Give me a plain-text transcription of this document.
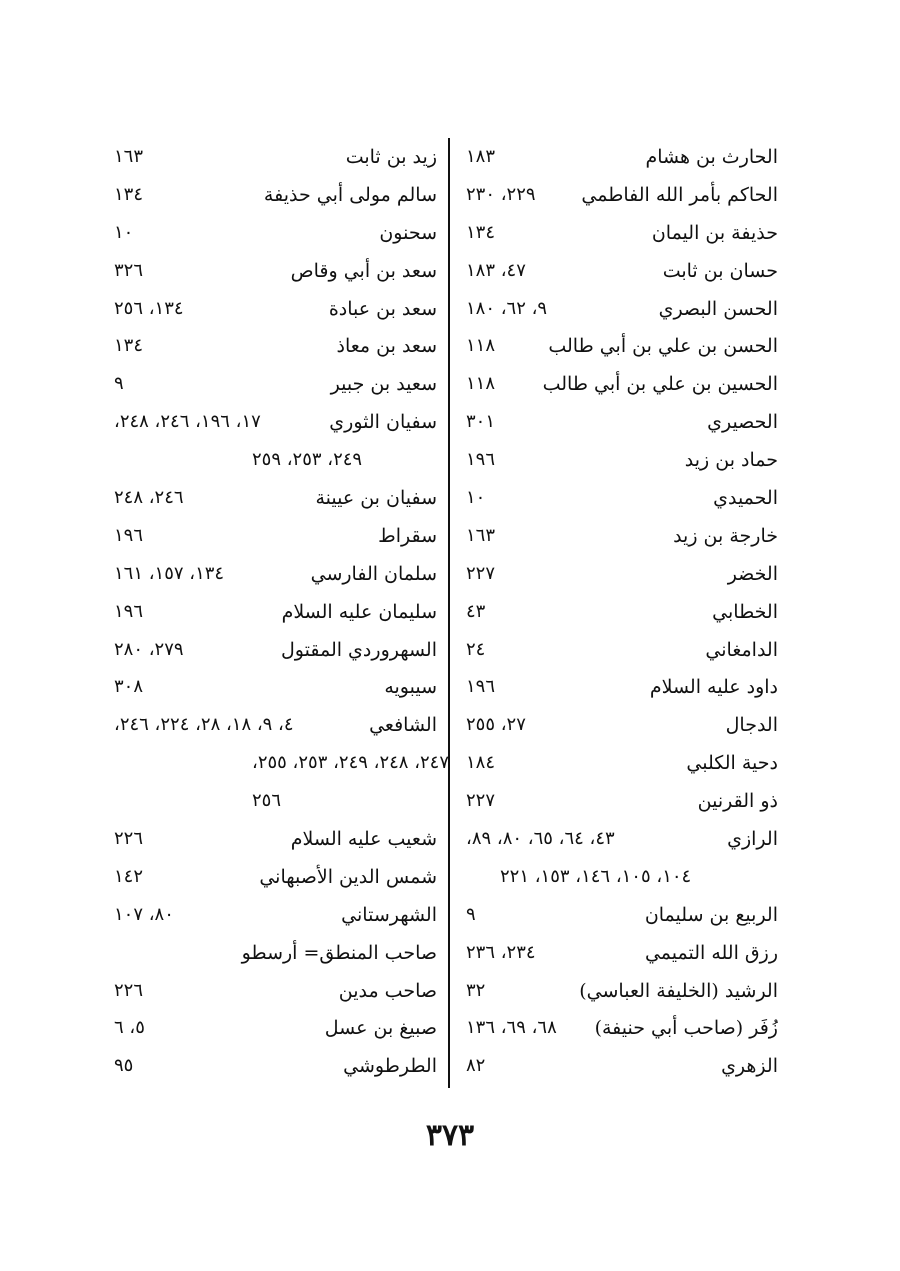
الحارث بن هشام
١٨٣
الحاكم بأمر الله الفاطمي
٢٢٩، ٢٣٠
حذيفة بن اليمان
١٣٤
حسان بن ثابت
٤٧، ١٨٣
الحسن البصري
٩، ٦٢، ١٨٠
الحسن بن علي بن أبي طالب
١١٨
الحسين بن علي بن أبي طالب
١١٨
الحصيري
٣٠١
حماد بن زيد
١٩٦
الحميدي
١٠
خارجة بن زيد
١٦٣
الخضر
٢٢٧
الخطابي
٤٣
الدامغاني
٢٤
داود عليه السلام
١٩٦
الدجال
٢٧، ٢٥٥
دحية الكلبي
١٨٤
ذو القرنين
٢٢٧
الرازي
٤٣، ٦٤، ٦٥، ٨٠، ٨٩،
١٠٤، ١٠٥، ١٤٦، ١٥٣، ٢٢١
الربيع بن سليمان
٩
رزق الله التميمي
٢٣٤، ٢٣٦
الرشيد (الخليفة العباسي)
٣٢
زُفَر (صاحب أبي حنيفة)
٦٨، ٦٩، ١٣٦
الزهري
٨٢
زيد بن ثابت
١٦٣
سالم مولى أبي حذيفة
١٣٤
سحنون
١٠
سعد بن أبي وقاص
٣٢٦
سعد بن عبادة
١٣٤، ٢٥٦
سعد بن معاذ
١٣٤
سعيد بن جبير
٩
سفيان الثوري
١٧، ١٩٦، ٢٤٦، ٢٤٨،
٢٤٩، ٢٥٣، ٢٥٩
سفيان بن عيينة
٢٤٦، ٢٤٨
سقراط
١٩٦
سلمان الفارسي
١٣٤، ١٥٧، ١٦١
سليمان عليه السلام
١٩٦
السهروردي المقتول
٢٧٩، ٢٨٠
سيبويه
٣٠٨
الشافعي
٤، ٩، ١٨، ٢٨، ٢٢٤، ٢٤٦،
٢٤٧، ٢٤٨، ٢٤٩، ٢٥٣، ٢٥٥،
٢٥٦
شعيب عليه السلام
٢٢٦
شمس الدين الأصبهاني
١٤٢
الشهرستاني
٨٠، ١٠٧
صاحب المنطق= أرسطو
صاحب مدين
٢٢٦
صبيغ بن عسل
٥، ٦
الطرطوشي
٩٥
٣٧٣
